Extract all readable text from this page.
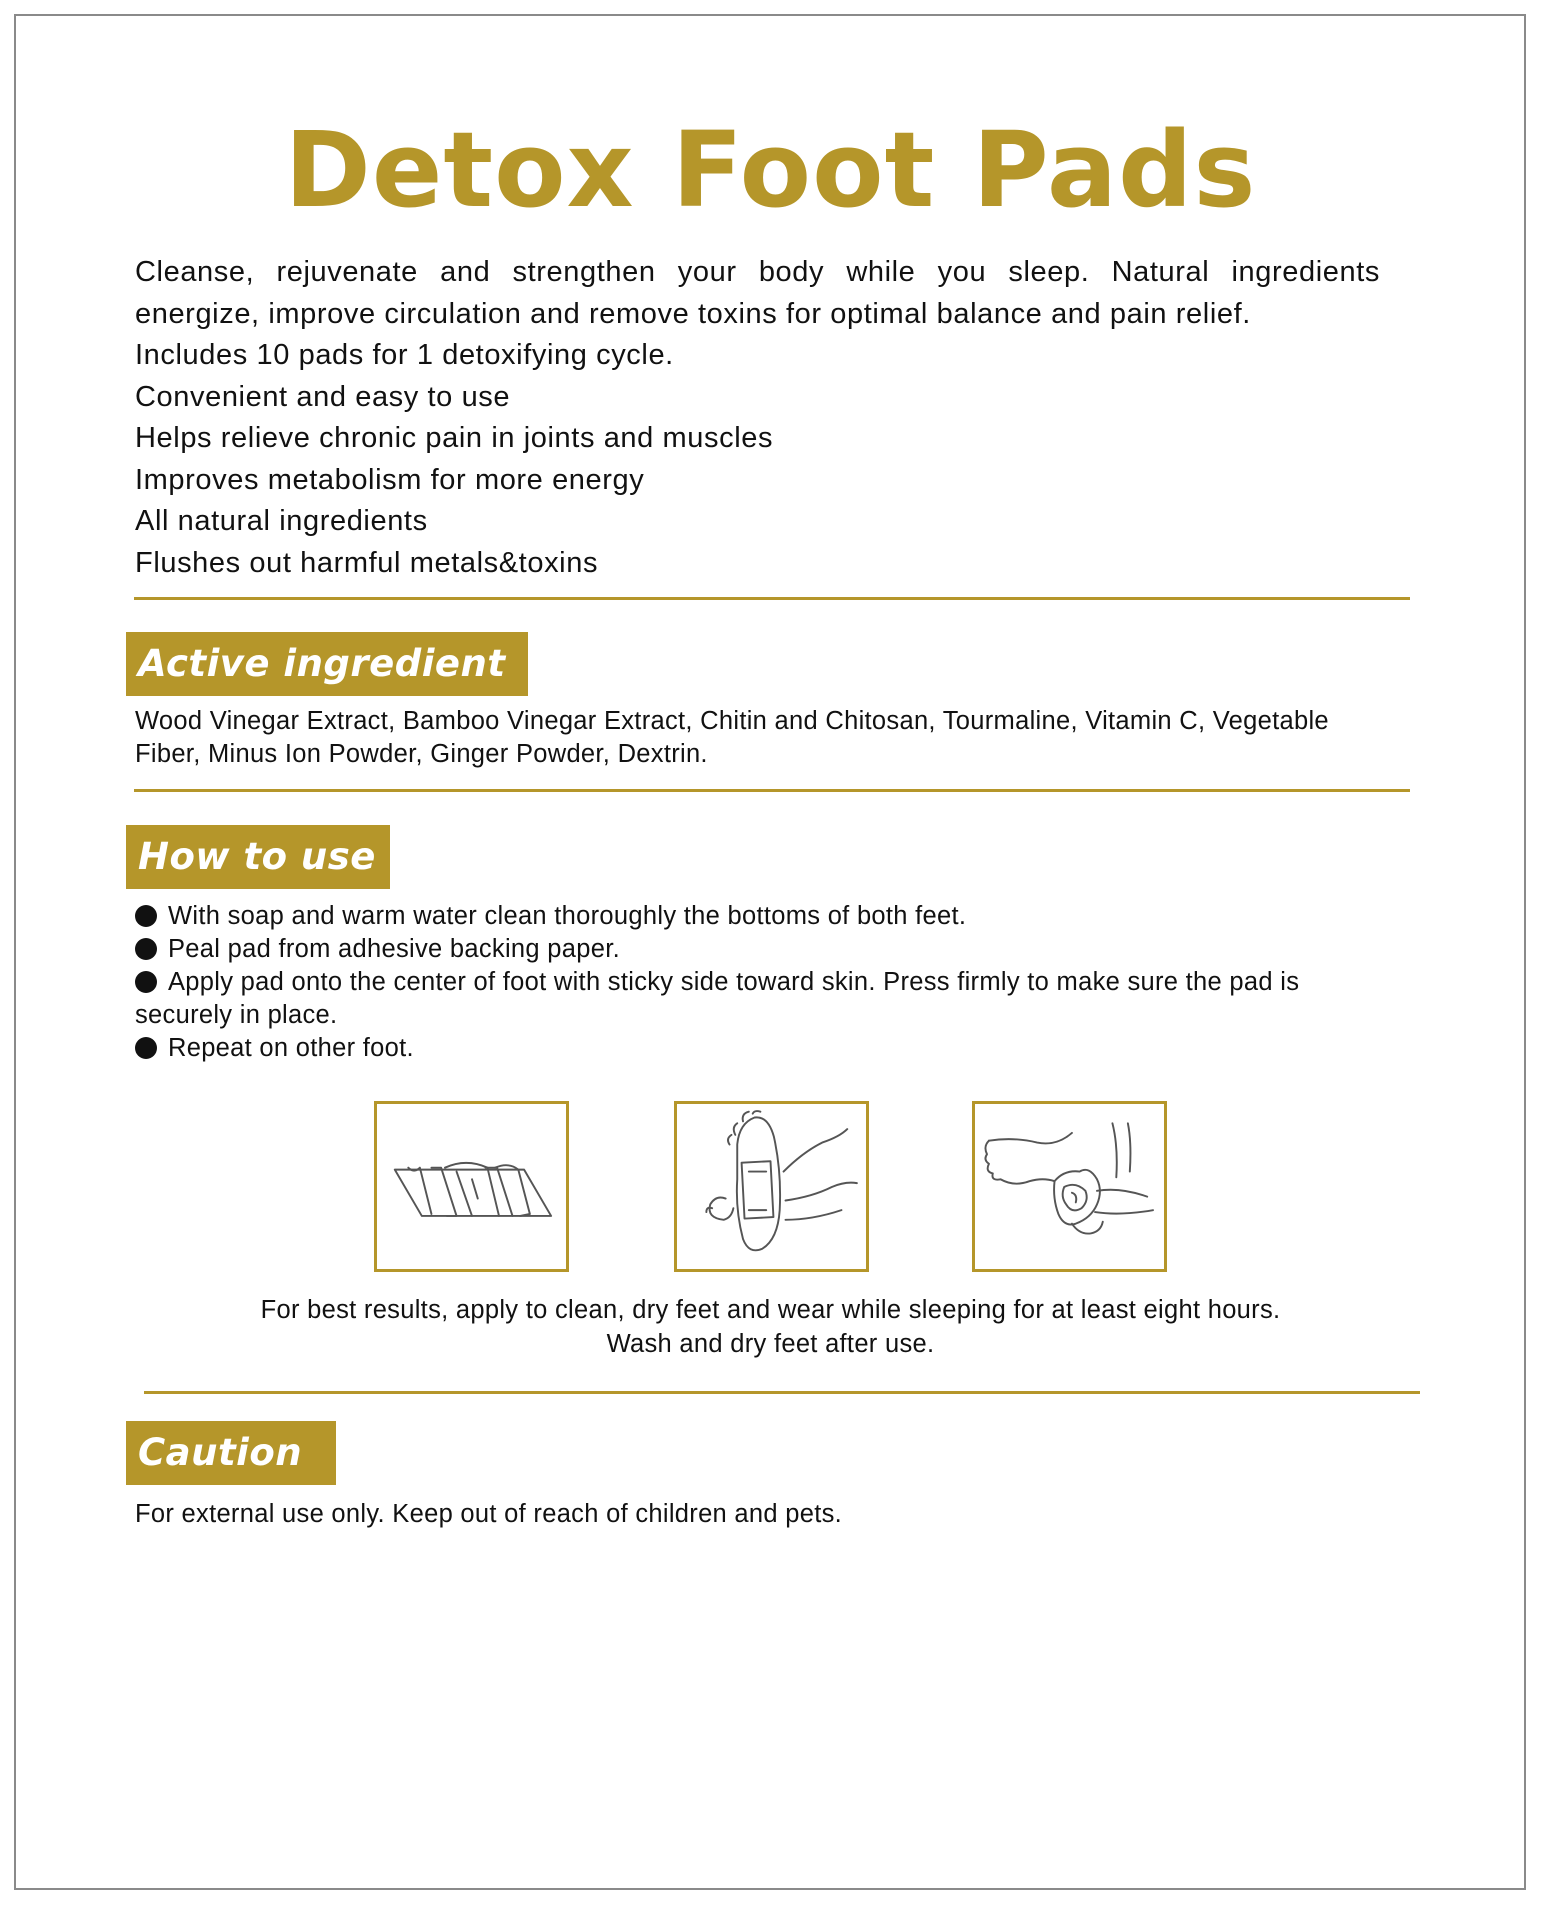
Detox Foot Pads

Cleanse, rejuvenate and strengthen your body while you sleep. Natural ingredients

energize, improve circulation and remove toxins for optimal balance and pain relief.

Includes 10 pads for 1 detoxifying cycle.

Convenient and easy to use

Helps relieve chronic pain in joints and muscles

Improves metabolism for more energy

All natural ingredients

Flushes out harmful metals&toxins

Active ingredient

Wood Vinegar Extract, Bamboo Vinegar Extract, Chitin and Chitosan, Tourmaline, Vitamin C, Vegetable

Fiber, Minus Ion Powder, Ginger Powder, Dextrin.

How to use

With soap and warm water clean thoroughly the bottoms of both feet.

Peal pad from adhesive backing paper.

Apply pad onto the center of foot with sticky side toward skin. Press firmly to make sure the pad is

securely in place.

Repeat on other foot.

For best results, apply to clean, dry feet and wear while sleeping for at least eight hours.

Wash and dry feet after use.

Caution
For external use only. Keep out of reach of children and pets.
